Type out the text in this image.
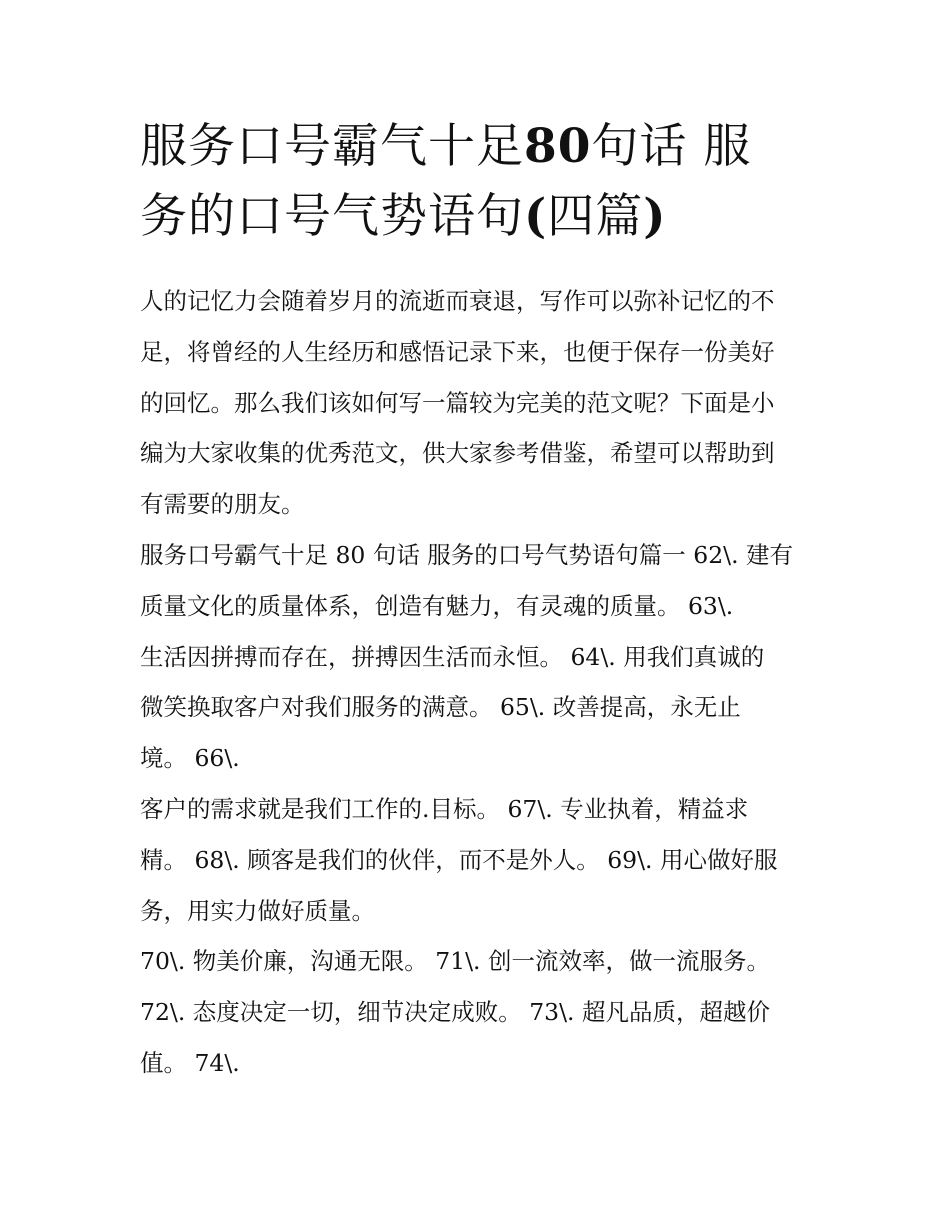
服务口号霸气十足80句话 服
务的口号气势语句(四篇)
人的记忆力会随着岁月的流逝而衰退，写作可以弥补记忆的不
足，将曾经的人生经历和感悟记录下来，也便于保存一份美好
的回忆。那么我们该如何写一篇较为完美的范文呢？下面是小
编为大家收集的优秀范文，供大家参考借鉴，希望可以帮助到
有需要的朋友。
服务口号霸气十足 80 句话 服务的口号气势语句篇一 62\. 建有
质量文化的质量体系，创造有魅力，有灵魂的质量。 63\.
生活因拼搏而存在，拼搏因生活而永恒。 64\. 用我们真诚的
微笑换取客户对我们服务的满意。 65\. 改善提高，永无止
境。 66\.
客户的需求就是我们工作的.目标。 67\. 专业执着，精益求
精。 68\. 顾客是我们的伙伴，而不是外人。 69\. 用心做好服
务，用实力做好质量。
70\. 物美价廉，沟通无限。 71\. 创一流效率，做一流服务。
72\. 态度决定一切，细节决定成败。 73\. 超凡品质，超越价
值。 74\.
